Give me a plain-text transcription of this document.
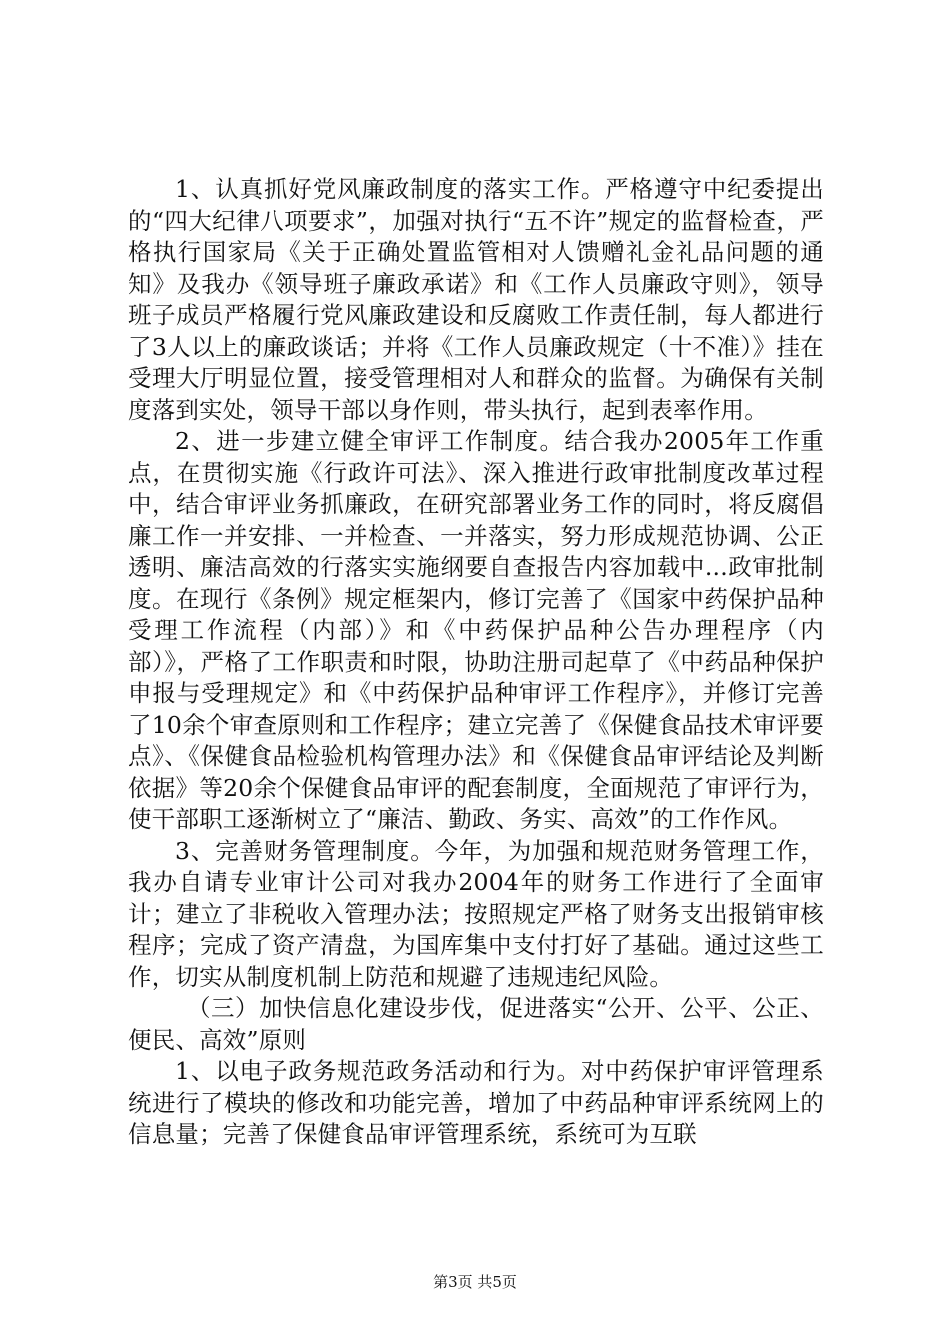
1、认真抓好党风廉政制度的落实工作。严格遵守中纪委提出的“四大纪律八项要求”，加强对执行“五不许”规定的监督检查，严格执行国家局《关于正确处置监管相对人馈赠礼金礼品问题的通知》及我办《领导班子廉政承诺》和《工作人员廉政守则》，领导班子成员严格履行党风廉政建设和反腐败工作责任制，每人都进行了3人以上的廉政谈话；并将《工作人员廉政规定（十不准）》挂在受理大厅明显位置，接受管理相对人和群众的监督。为确保有关制度落到实处，领导干部以身作则，带头执行，起到表率作用。

2、进一步建立健全审评工作制度。结合我办2005年工作重点，在贯彻实施《行政许可法》、深入推进行政审批制度改革过程中，结合审评业务抓廉政，在研究部署业务工作的同时，将反腐倡廉工作一并安排、一并检查、一并落实，努力形成规范协调、公正透明、廉洁高效的行落实实施纲要自查报告内容加载中...政审批制度。在现行《条例》规定框架内，修订完善了《国家中药保护品种受理工作流程（内部）》和《中药保护品种公告办理程序（内部）》，严格了工作职责和时限，协助注册司起草了《中药品种保护申报与受理规定》和《中药保护品种审评工作程序》，并修订完善了10余个审查原则和工作程序；建立完善了《保健食品技术审评要点》、《保健食品检验机构管理办法》和《保健食品审评结论及判断依据》等20余个保健食品审评的配套制度，全面规范了审评行为，使干部职工逐渐树立了“廉洁、勤政、务实、高效”的工作作风。

3、完善财务管理制度。今年，为加强和规范财务管理工作，我办自请专业审计公司对我办2004年的财务工作进行了全面审计；建立了非税收入管理办法；按照规定严格了财务支出报销审核程序；完成了资产清盘，为国库集中支付打好了基础。通过这些工作，切实从制度机制上防范和规避了违规违纪风险。

（三）加快信息化建设步伐，促进落实“公开、公平、公正、便民、高效”原则

1、以电子政务规范政务活动和行为。对中药保护审评管理系统进行了模块的修改和功能完善，增加了中药品种审评系统网上的信息量；完善了保健食品审评管理系统，系统可为互联

第3页 共5页
